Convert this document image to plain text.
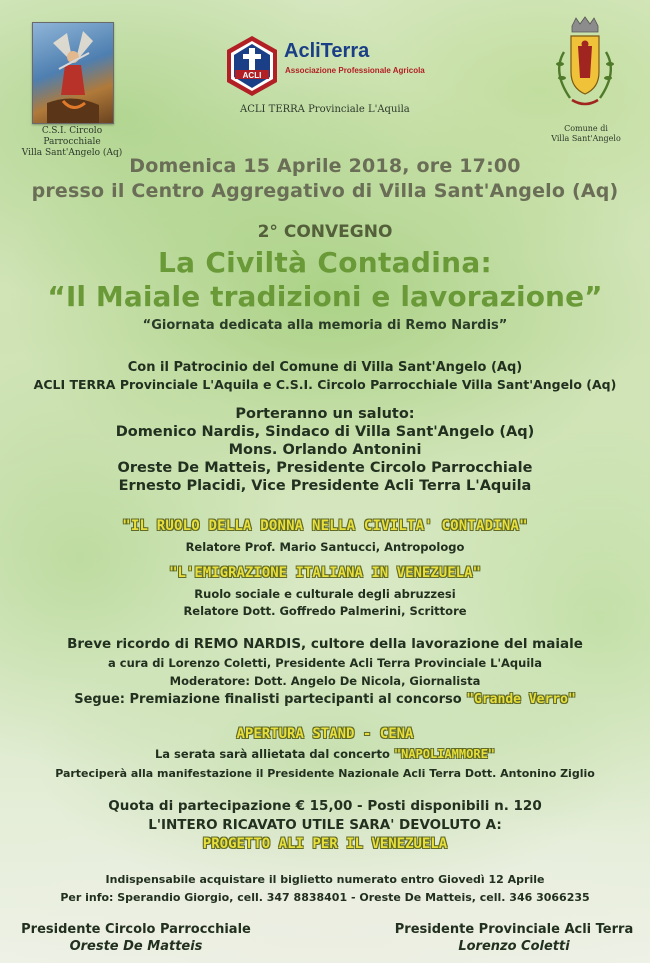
C.S.I. Circolo Parrocchiale
Villa Sant'Angelo (Aq)
ACLI
AcliTerra
Associazione Professionale Agricola
ACLI TERRA Provinciale L'Aquila
Comune di
Villa Sant'Angelo
Domenica 15 Aprile 2018, ore 17:00
presso il Centro Aggregativo di Villa Sant'Angelo (Aq)
2° CONVEGNO
La Civiltà Contadina:
“Il Maiale tradizioni e lavorazione”
“Giornata dedicata alla memoria di Remo Nardis”
Con il Patrocinio del Comune di Villa Sant'Angelo (Aq)
ACLI TERRA Provinciale L'Aquila e C.S.I. Circolo Parrocchiale Villa Sant'Angelo (Aq)
Porteranno un saluto:
Domenico Nardis, Sindaco di Villa Sant'Angelo (Aq)
Mons. Orlando Antonini
Oreste De Matteis, Presidente Circolo Parrocchiale
Ernesto Placidi, Vice Presidente Acli Terra L'Aquila
"IL RUOLO DELLA DONNA NELLA CIVILTA' CONTADINA"
Relatore Prof. Mario Santucci, Antropologo
"L'EMIGRAZIONE ITALIANA IN VENEZUELA"
Ruolo sociale e culturale degli abruzzesi
Relatore Dott. Goffredo Palmerini, Scrittore
Breve ricordo di REMO NARDIS, cultore della lavorazione del maiale
a cura di Lorenzo Coletti, Presidente Acli Terra Provinciale L'Aquila
Moderatore: Dott. Angelo De Nicola, Giornalista
Segue: Premiazione finalisti partecipanti al concorso "Grande Verro"
APERTURA STAND - CENA
La serata sarà allietata dal concerto "NAPOLIAMMORE"
Parteciperà alla manifestazione il Presidente Nazionale Acli Terra Dott. Antonino Ziglio
Quota di partecipazione € 15,00 - Posti disponibili n. 120
L'INTERO RICAVATO UTILE SARA' DEVOLUTO A:
PROGETTO ALI PER IL VENEZUELA
Indispensabile acquistare il biglietto numerato entro Giovedì 12 Aprile
Per info: Sperandio Giorgio, cell. 347 8838401 - Oreste De Matteis, cell. 346 3066235
Presidente Circolo Parrocchiale
Oreste De Matteis
Presidente Provinciale Acli Terra
Lorenzo Coletti
